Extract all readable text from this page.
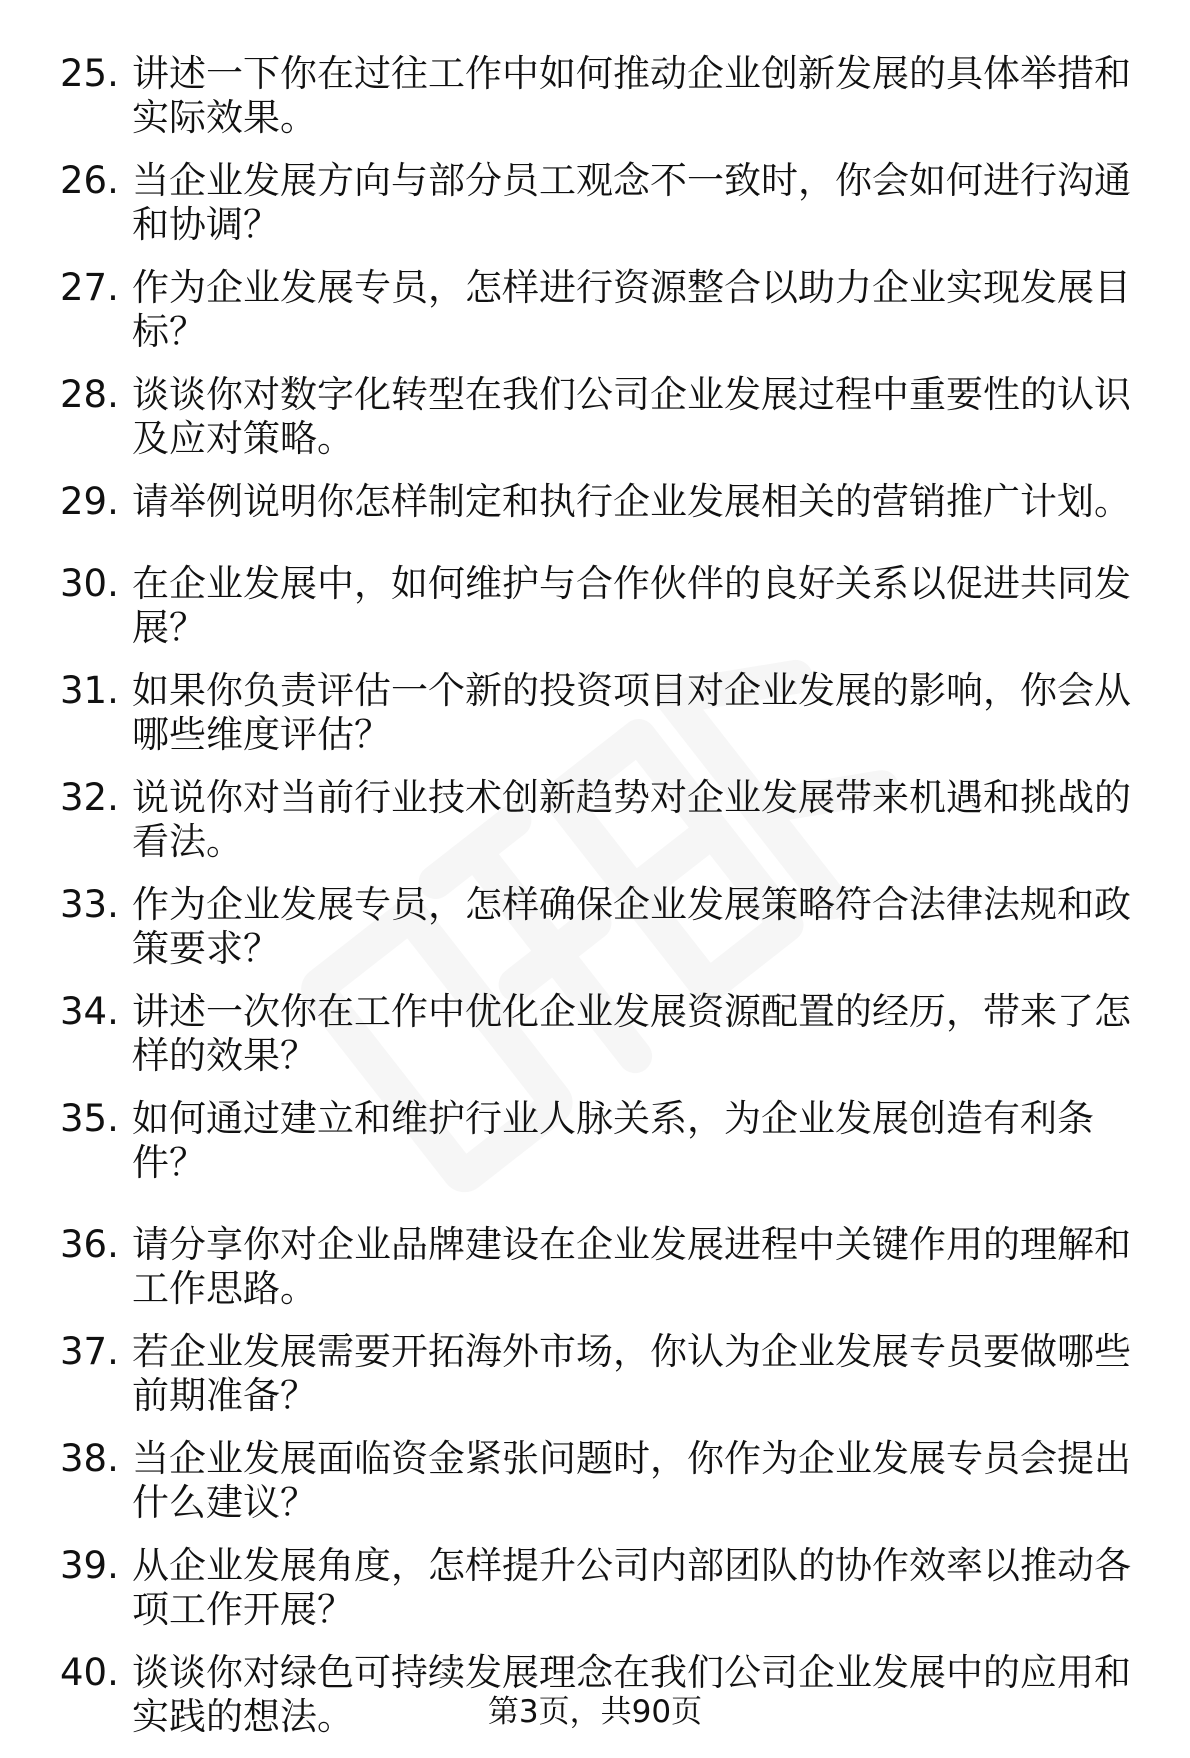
25. 讲述一下你在过往工作中如何推动企业创新发展的具体举措和实际效果。
26. 当企业发展方向与部分员工观念不一致时，你会如何进行沟通和协调？
27. 作为企业发展专员，怎样进行资源整合以助力企业实现发展目标？
28. 谈谈你对数字化转型在我们公司企业发展过程中重要性的认识及应对策略。
29. 请举例说明你怎样制定和执行企业发展相关的营销推广计划。
30. 在企业发展中，如何维护与合作伙伴的良好关系以促进共同发展？
31. 如果你负责评估一个新的投资项目对企业发展的影响，你会从哪些维度评估？
32. 说说你对当前行业技术创新趋势对企业发展带来机遇和挑战的看法。
33. 作为企业发展专员，怎样确保企业发展策略符合法律法规和政策要求？
34. 讲述一次你在工作中优化企业发展资源配置的经历，带来了怎样的效果？
35. 如何通过建立和维护行业人脉关系，为企业发展创造有利条件？
36. 请分享你对企业品牌建设在企业发展进程中关键作用的理解和工作思路。
37. 若企业发展需要开拓海外市场，你认为企业发展专员要做哪些前期准备？
38. 当企业发展面临资金紧张问题时，你作为企业发展专员会提出什么建议？
39. 从企业发展角度，怎样提升公司内部团队的协作效率以推动各项工作开展？
40. 谈谈你对绿色可持续发展理念在我们公司企业发展中的应用和实践的想法。	第3页，共90页
